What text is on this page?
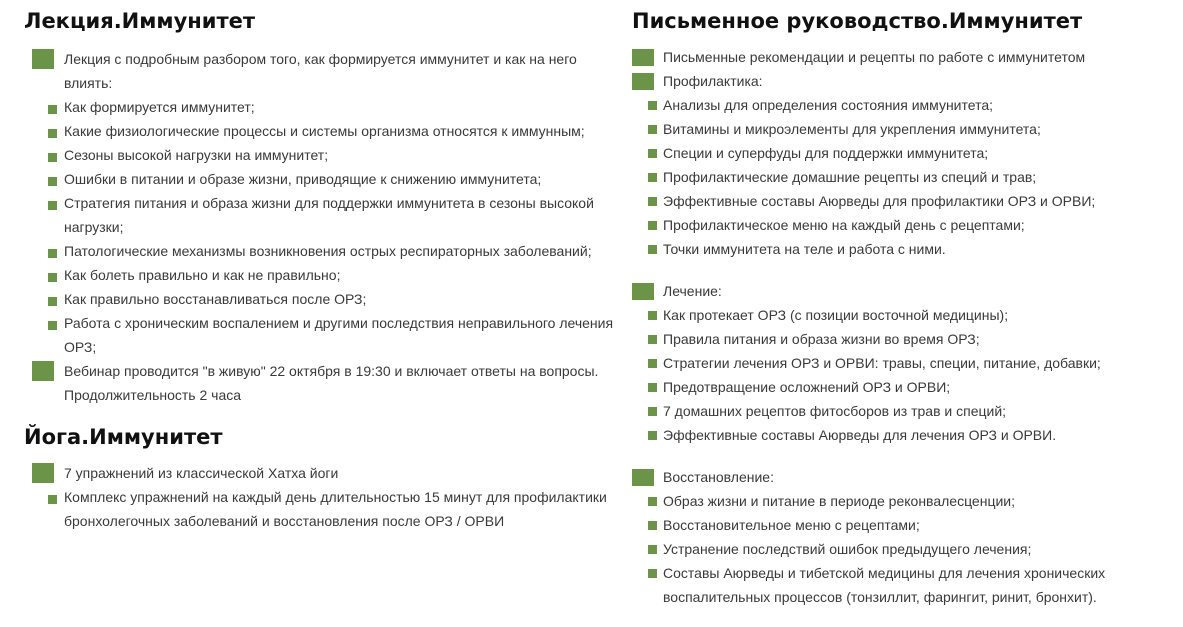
Лекция.Иммунитет
Лекция с подробным разбором того, как формируется иммунитет и как на него влиять:
Как формируется иммунитет;
Какие физиологические процессы и системы организма относятся к иммунным;
Сезоны высокой нагрузки на иммунитет;
Ошибки в питании и образе жизни, приводящие к снижению иммунитета;
Стратегия питания и образа жизни для поддержки иммунитета в сезоны высокой нагрузки;
Патологические механизмы возникновения острых респираторных заболеваний;
Как болеть правильно и как не правильно;
Как правильно восстанавливаться после ОРЗ;
Работа с хроническим воспалением и другими последствия неправильного лечения ОРЗ;
Вебинар проводится "в живую" 22 октября в 19:30 и включает ответы на вопросы. Продолжительность 2 часа
Йога.Иммунитет
7 упражнений из классической Хатха йоги
Комплекс упражнений на каждый день длительностью 15 минут для профилактики бронхолегочных заболеваний и восстановления после ОРЗ / ОРВИ
Письменное руководство.Иммунитет
Письменные рекомендации и рецепты по работе с иммунитетом
Профилактика:
Анализы для определения состояния иммунитета;
Витамины и микроэлементы для укрепления иммунитета;
Специи и суперфуды для поддержки иммунитета;
Профилактические домашние рецепты из специй и трав;
Эффективные составы Аюрведы для профилактики ОРЗ и ОРВИ;
Профилактическое меню на каждый день с рецептами;
Точки иммунитета на теле и работа с ними.
Лечение:
Как протекает ОРЗ (с позиции восточной медицины);
Правила питания и образа жизни во время ОРЗ;
Стратегии лечения ОРЗ и ОРВИ: травы, специи, питание, добавки;
Предотвращение осложнений ОРЗ и ОРВИ;
7 домашних рецептов фитосборов из трав и специй;
Эффективные составы Аюрведы для лечения ОРЗ и ОРВИ.
Восстановление:
Образ жизни и питание в периоде реконвалесценции;
Восстановительное меню с рецептами;
Устранение последствий ошибок предыдущего лечения;
Составы Аюрведы и тибетской медицины для лечения хронических воспалительных процессов (тонзиллит, фарингит, ринит, бронхит).
